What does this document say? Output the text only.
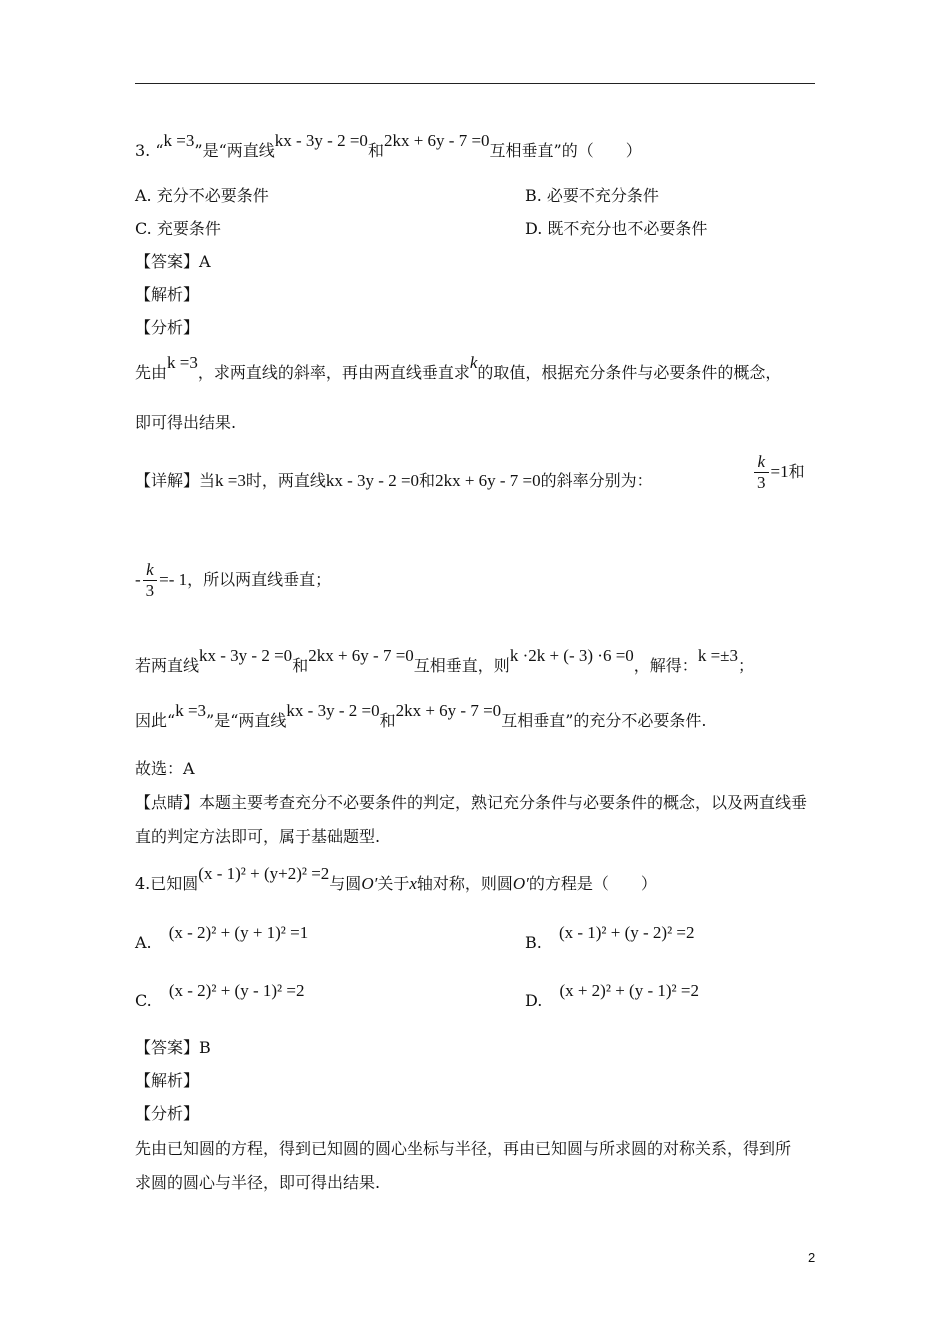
3. “k =3”是“两直线kx - 3y - 2 =0和2kx + 6y - 7 =0互相垂直”的（　　）
A. 充分不必要条件	B. 必要不充分条件
C. 充要条件	D. 既不充分也不必要条件
【答案】A
【解析】
【分析】
先由k =3，求两直线的斜率，再由两直线垂直求k的取值，根据充分条件与必要条件的概念，
即可得出结果.
【详解】当k =3时，两直线kx - 3y - 2 =0和2kx + 6y - 7 =0的斜率分别为：	$\frac{k}{3} =1$和
- $\frac{k}{3} =- 1$，所以两直线垂直；
若两直线kx - 3y - 2 =0和2kx + 6y - 7 =0互相垂直，则k ·2k + (- 3) ·6 =0，解得：k =±3；
因此“k =3”是“两直线kx - 3y - 2 =0和2kx + 6y - 7 =0互相垂直”的充分不必要条件.
故选：A
【点睛】本题主要考查充分不必要条件的判定，熟记充分条件与必要条件的概念，以及两直线垂
直的判定方法即可，属于基础题型.
4.已知圆(x - 1)² + (y+2)² =2与圆O′关于x轴对称，则圆O′的方程是（　　）
A. (x - 2)² + (y + 1)² =1
B. (x - 1)² + (y - 2)² =2
C. (x - 2)² + (y - 1)² =2
D. (x + 2)² + (y - 1)² =2
【答案】B
【解析】
【分析】
先由已知圆的方程，得到已知圆的圆心坐标与半径，再由已知圆与所求圆的对称关系，得到所
求圆的圆心与半径，即可得出结果.
2
